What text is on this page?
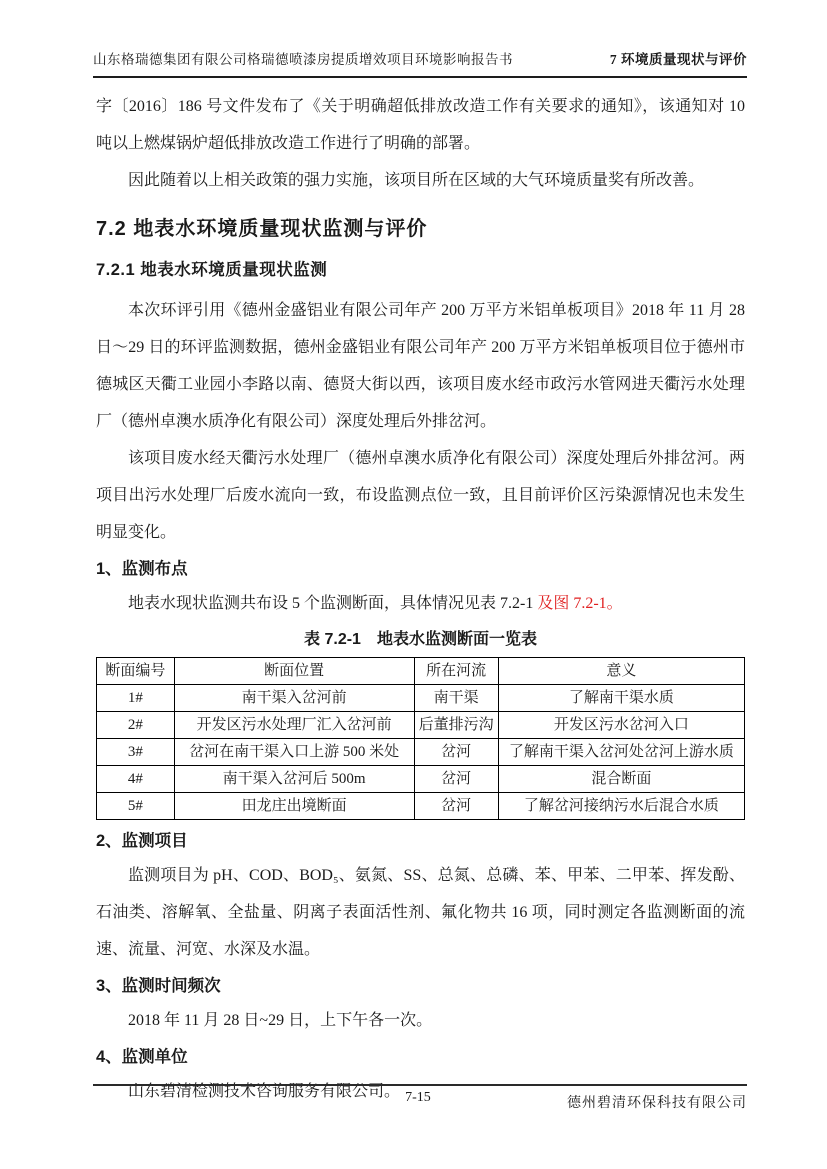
山东格瑞德集团有限公司格瑞德喷漆房提质增效项目环境影响报告书	7 环境质量现状与评价

字〔2016〕186 号文件发布了《关于明确超低排放改造工作有关要求的通知》，该通知对 10 吨以上燃煤锅炉超低排放改造工作进行了明确的部署。

因此随着以上相关政策的强力实施，该项目所在区域的大气环境质量奖有所改善。

7.2 地表水环境质量现状监测与评价
7.2.1 地表水环境质量现状监测

本次环评引用《德州金盛铝业有限公司年产 200 万平方米铝单板项目》2018 年 11 月 28 日～29 日的环评监测数据，德州金盛铝业有限公司年产 200 万平方米铝单板项目位于德州市德城区天衢工业园小李路以南、德贤大街以西，该项目废水经市政污水管网进天衢污水处理厂（德州卓澳水质净化有限公司）深度处理后外排岔河。

该项目废水经天衢污水处理厂（德州卓澳水质净化有限公司）深度处理后外排岔河。两项目出污水处理厂后废水流向一致，布设监测点位一致，且目前评价区污染源情况也未发生明显变化。

1、监测布点

地表水现状监测共布设 5 个监测断面，具体情况见表 7.2-1 及图 7.2-1。

表 7.2-1　地表水监测断面一览表
断面编号	断面位置	所在河流	意义
1#	南干渠入岔河前	南干渠	了解南干渠水质
2#	开发区污水处理厂汇入岔河前	后董排污沟	开发区污水岔河入口
3#	岔河在南干渠入口上游 500 米处	岔河	了解南干渠入岔河处岔河上游水质
4#	南干渠入岔河后 500m	岔河	混合断面
5#	田龙庄出境断面	岔河	了解岔河接纳污水后混合水质
2、监测项目

监测项目为 pH、COD、BOD₅、氨氮、SS、总氮、总磷、苯、甲苯、二甲苯、挥发酚、石油类、溶解氧、全盐量、阴离子表面活性剂、氟化物共 16 项，同时测定各监测断面的流速、流量、河宽、水深及水温。

3、监测时间频次

2018 年 11 月 28 日~29 日，上下午各一次。

4、监测单位

山东碧清检测技术咨询服务有限公司。 7-15	德州碧清环保科技有限公司
